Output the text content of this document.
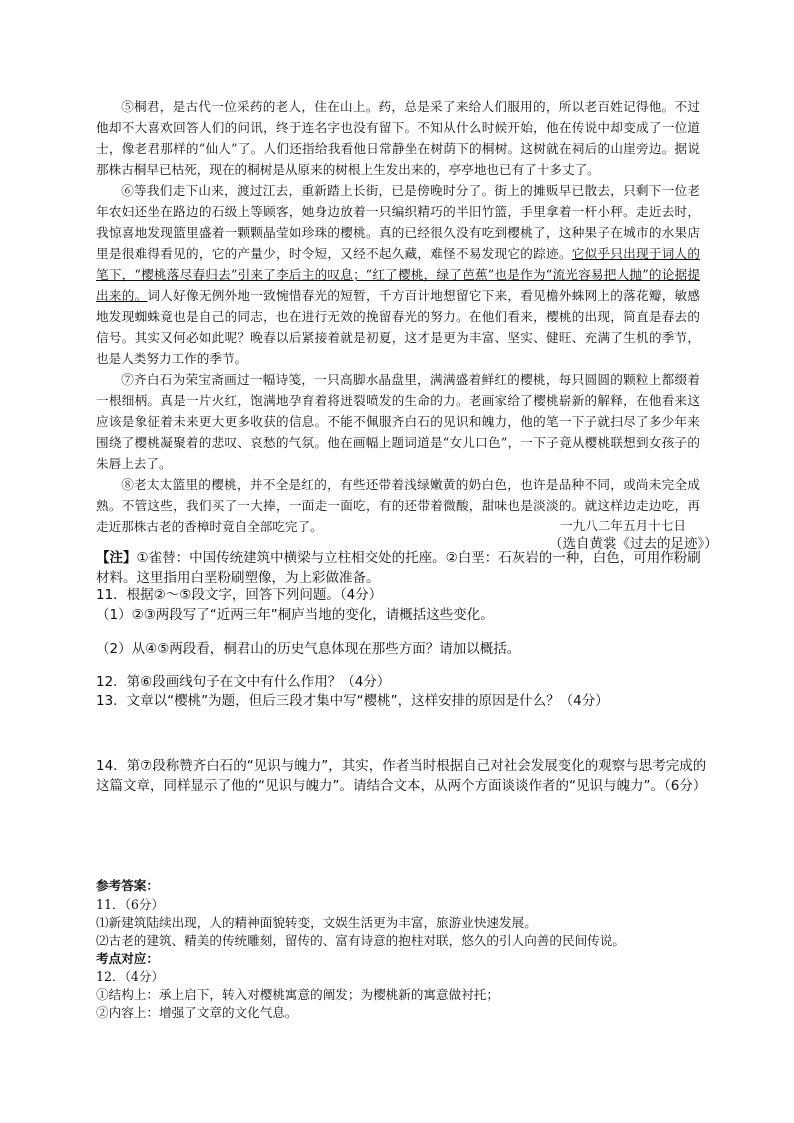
⑤桐君，是古代一位采药的老人，住在山上。药，总是采了来给人们服用的，所以老百姓记得他。不过他却不大喜欢回答人们的问讯，终于连名字也没有留下。不知从什么时候开始，他在传说中却变成了一位道士，像老君那样的“仙人”了。人们还指给我看他日常静坐在树荫下的桐树。这树就在祠后的山崖旁边。据说那株古桐早已枯死，现在的桐树是从原来的树根上生发出来的，亭亭地也已有了十多丈了。

⑥等我们走下山来，渡过江去，重新踏上长街，已是傍晚时分了。街上的摊贩早已散去，只剩下一位老年农妇还坐在路边的石级上等顾客，她身边放着一只编织精巧的半旧竹篮，手里拿着一杆小秤。走近去时，我惊喜地发现篮里盛着一颗颗晶莹如珍珠的樱桃。真的已经很久没有吃到樱桃了，这种果子在城市的水果店里是很难得看见的，它的产量少，时令短，又经不起久藏，难怪不易发现它的踪迹。它似乎只出现于词人的笔下，“樱桃落尽春归去”引来了李后主的叹息；“红了樱桃，绿了芭蕉”也是作为“流光容易把人抛”的论据提出来的。词人好像无例外地一致惋惜春光的短暂，千方百计地想留它下来，看见檐外蛛网上的落花瓣，敏感地发现蜘蛛竟也是自己的同志，也在进行无效的挽留春光的努力。在他们看来，樱桃的出现，简直是春去的信号。其实又何必如此呢？晚春以后紧接着就是初夏，这才是更为丰富、坚实、健旺、充满了生机的季节，也是人类努力工作的季节。

⑦齐白石为荣宝斋画过一幅诗笺，一只高脚水晶盘里，满满盛着鲜红的樱桃，每只圆圆的颗粒上都缀着一根细柄。真是一片火红，饱满地孕育着将迸裂喷发的生命的力。老画家给了樱桃崭新的解释，在他看来这应该是象征着未来更大更多收获的信息。不能不佩服齐白石的见识和魄力，他的笔一下子就扫尽了多少年来围绕了樱桃凝聚着的悲叹、哀愁的气氛。他在画幅上题词道是“女儿口色”，一下子竟从樱桃联想到女孩子的朱唇上去了。

⑧老太太篮里的樱桃，并不全是红的，有些还带着浅绿嫩黄的奶白色，也许是品种不同，或尚未完全成熟。不管这些，我们买了一大捧，一面走一面吃，有的还带着微酸，甜味也是淡淡的。就这样边走边吃，再走近那株古老的香樟时竟自全部吃完了。	一九八二年五月十七日
（选自黄裳《过去的足迹》）
【注】①雀替：中国传统建筑中横梁与立柱相交处的托座。②白垩：石灰岩的一种，白色，可用作粉刷材料。这里指用白垩粉刷塑像，为上彩做准备。

11．根据②～⑤段文字，回答下列问题。（4分）

（1）②③两段写了“近两三年”桐庐当地的变化，请概括这些变化。

（2）从④⑤两段看，桐君山的历史气息体现在那些方面？请加以概括。

12．第⑥段画线句子在文中有什么作用？（4分）

13．文章以“樱桃”为题，但后三段才集中写“樱桃”，这样安排的原因是什么？（4分）

14．第⑦段称赞齐白石的“见识与魄力”，其实，作者当时根据自己对社会发展变化的观察与思考完成的这篇文章，同样显示了他的“见识与魄力”。请结合文本，从两个方面谈谈作者的“见识与魄力”。（6分）

参考答案：

11．（6分）

⑴新建筑陆续出现，人的精神面貌转变，文娱生活更为丰富，旅游业快速发展。

⑵古老的建筑、精美的传统雕刻，留传的、富有诗意的抱柱对联，悠久的引人向善的民间传说。

考点对应：

12．（4分）

①结构上：承上启下，转入对樱桃寓意的阐发；为樱桃新的寓意做衬托；

②内容上：增强了文章的文化气息。
